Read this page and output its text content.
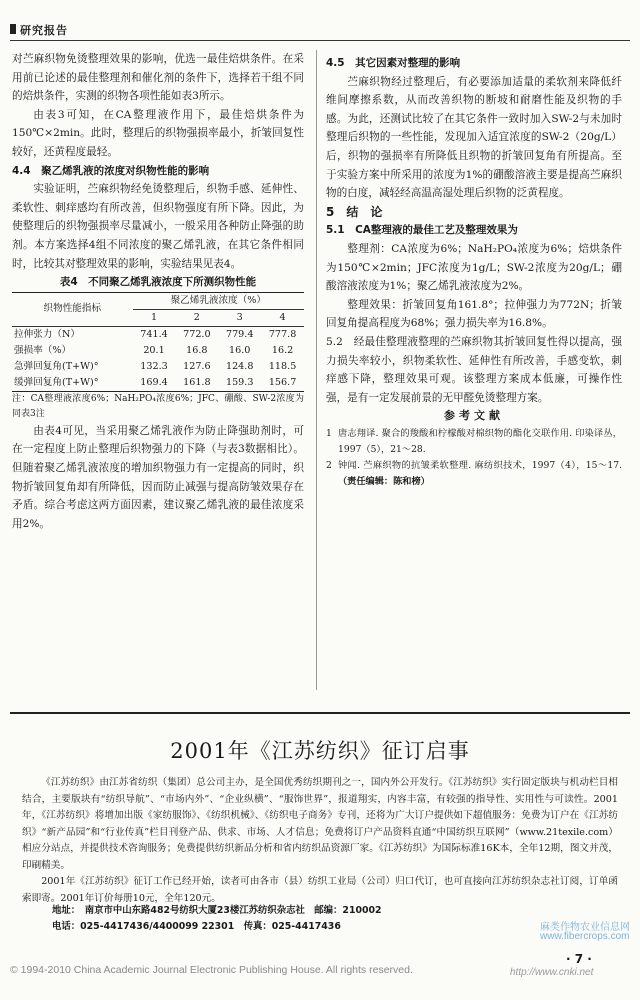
研究报告

对苎麻织物免烫整理效果的影响，优选一最佳焙烘条件。在采用前已论述的最佳整理剂和催化剂的条件下，选择若干组不同的焙烘条件，实测的织物各项性能如表3所示。

由表3可知，在CA整理液作用下，最佳焙烘条件为150℃×2min。此时，整理后的织物强损率最小，折皱回复性较好，还黄程度最轻。

4.4　聚乙烯乳液的浓度对织物性能的影响

实验证明，苎麻织物经免烫整理后，织物手感、延伸性、柔软性、刺痒感均有所改善，但织物强度有所下降。因此，为使整理后的织物强损率尽量减小，一般采用各种防止降强的助剂。本方案选择4组不同浓度的聚乙烯乳液，在其它条件相同时，比较其对整理效果的影响，实验结果见表4。

表4　不同聚乙烯乳液浓度下所测织物性能

织物性能指标	聚乙烯乳液浓度（%）			
	1	2	3	4
拉伸张力（N）	741.4	772.0	779.4	777.8
强损率（%）	20.1	16.8	16.0	16.2
急弹回复角(T+W)°	132.3	127.6	124.8	118.5
缓弹回复角(T+W)°	169.4	161.8	159.3	156.7

注：CA整理液浓度6%；NaH₂PO₄浓度6%；JFC、硼酸、SW-2浓度为同表3注

由表4可见，当采用聚乙烯乳液作为防止降强助剂时，可在一定程度上防止整理后织物强力的下降（与表3数据相比）。但随着聚乙烯乳液浓度的增加织物强力有一定提高的同时，织物折皱回复角却有所降低，因而防止减强与提高防皱效果存在矛盾。综合考虑这两方面因素，建议聚乙烯乳液的最佳浓度采用2%。

4.5　其它因素对整理的影响

苎麻织物经过整理后，有必要添加适量的柔软剂来降低纤维间摩擦系数，从而改善织物的断坡和耐磨性能及织物的手感。为此，还测试比较了在其它条件一致时加入SW-2与未加时整理后织物的一些性能，发现加入适宜浓度的SW-2（20g/L）后，织物的强损率有所降低且织物的折皱回复角有所提高。至于实验方案中所采用的浓度为1%的硼酸溶液主要是提高苎麻织物的白度，减轻经高温高湿处理后织物的泛黄程度。

5　结　论

5.1　CA整理液的最佳工艺及整理效果为

整理剂：CA浓度为6%；NaH₂PO₄浓度为6%；焙烘条件为150℃×2min；JFC浓度为1g/L；SW-2浓度为20g/L；硼酸溶液浓度为1%；聚乙烯乳液浓度为2%。

整理效果：折皱回复角161.8°；拉伸强力为772N；折皱回复角提高程度为68%；强力损失率为16.8%。

5.2　经最佳整理液整理的苎麻织物其折皱回复性得以提高，强力损失率较小，织物柔软性、延伸性有所改善，手感变软，刺痒感下降，整理效果可观。该整理方案成本低廉，可操作性强，是有一定发展前景的无甲醛免烫整理方案。

参考文献

1 唐志翔译. 聚合的羧酸和柠檬酸对棉织物的酯化交联作用. 印染译丛，1997（5），21～28.

2 钟闻. 苎麻织物的抗皱柔软整理. 麻纺织技术，1997（4），15～17. （责任编辑：陈和榜）

2001年《江苏纺织》征订启事

《江苏纺织》由江苏省纺织（集团）总公司主办，是全国优秀纺织期刊之一，国内外公开发行。《江苏纺织》实行固定版块与机动栏目相结合，主要版块有“纺织导航”、“市场内外”、“企业纵横”、“服饰世界”，报道翔实，内容丰富，有较强的指导性、实用性与可读性。2001年，《江苏纺织》将增加出版《家纺服饰》、《纺织机械》、《纺织电子商务》专刊，还将为广大订户提供如下超值服务：免费为订户在《江苏纺织》“新产品园”和“行业传真”栏目刊登产品、供求、市场、人才信息；免费将订户产品资料直通“中国纺织互联网”（www.21texile.com）相应分站点，并提供技术咨询服务；免费提供纺织新品分析和省内纺织品资源厂家。《江苏纺织》为国际标准16K本，全年12期，图文并茂，印刷精美。

2001年《江苏纺织》征订工作已经开始，读者可由各市（县）纺织工业局（公司）归口代订，也可直接向江苏纺织杂志社订阅，订单函索即寄。2001年订价每册10元，全年120元。

地址：　南京市中山东路482号纺织大厦23楼江苏纺织杂志社　邮编：210002
电话：025-4417436/4400099 22301　传真：025-4417436	麻类作物农业信息网
www.fibercrops.com
· 7 ·
© 1994-2010 China Academic Journal Electronic Publishing House. All rights reserved.	http://www.cnki.net
